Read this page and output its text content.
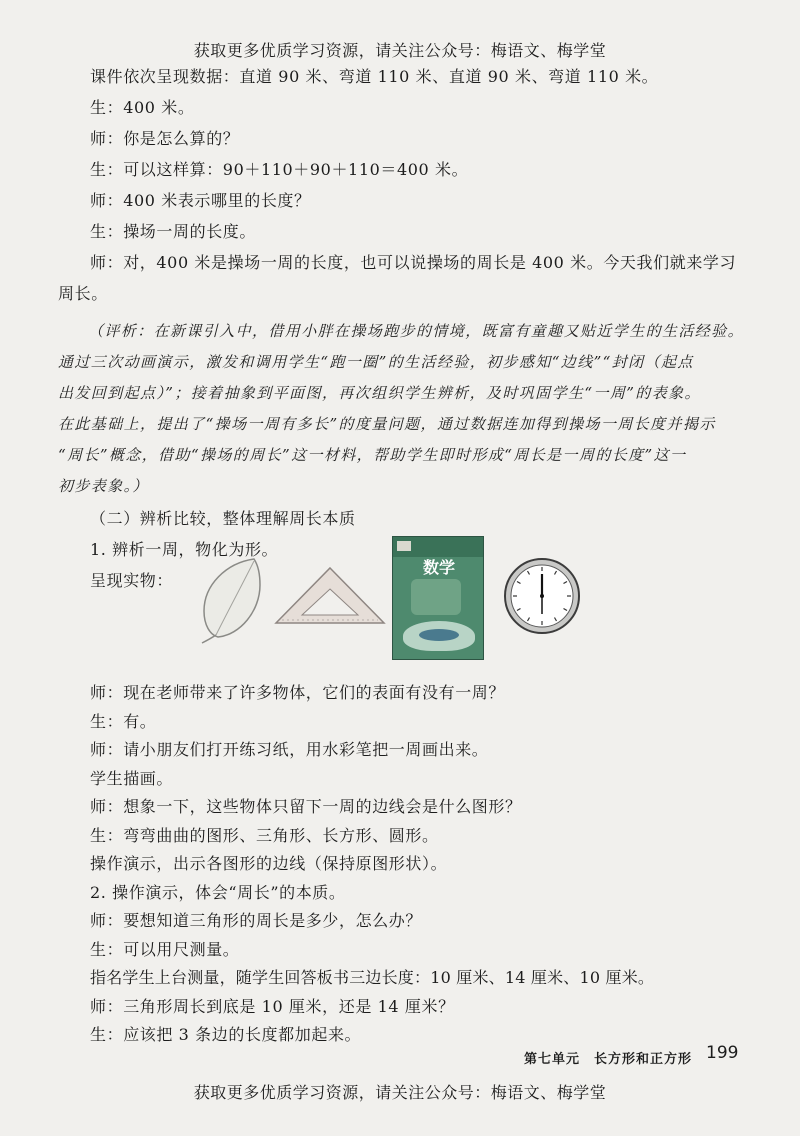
获取更多优质学习资源，请关注公众号：梅语文、梅学堂
课件依次呈现数据：直道 90 米、弯道 110 米、直道 90 米、弯道 110 米。
生：400 米。
师：你是怎么算的？
生：可以这样算：90＋110＋90＋110＝400 米。
师：400 米表示哪里的长度？
生：操场一周的长度。
师：对，400 米是操场一周的长度，也可以说操场的周长是 400 米。今天我们就来学习
周长。
（评析：在新课引入中，借用小胖在操场跑步的情境，既富有童趣又贴近学生的生活经验。
通过三次动画演示，激发和调用学生“跑一圈”的生活经验，初步感知“边线”“封闭（起点
出发回到起点）”；接着抽象到平面图，再次组织学生辨析，及时巩固学生“一周”的表象。
在此基础上，提出了“操场一周有多长”的度量问题，通过数据连加得到操场一周长度并揭示
“周长”概念，借助“操场的周长”这一材料，帮助学生即时形成“周长是一周的长度”这一
初步表象。）
（二）辨析比较，整体理解周长本质
1. 辨析一周，物化为形。
呈现实物：
数学
师：现在老师带来了许多物体，它们的表面有没有一周？
生：有。
师：请小朋友们打开练习纸，用水彩笔把一周画出来。
学生描画。
师：想象一下，这些物体只留下一周的边线会是什么图形？
生：弯弯曲曲的图形、三角形、长方形、圆形。
操作演示，出示各图形的边线（保持原图形状）。
2. 操作演示，体会“周长”的本质。
师：要想知道三角形的周长是多少，怎么办？
生：可以用尺测量。
指名学生上台测量，随学生回答板书三边长度：10 厘米、14 厘米、10 厘米。
师：三角形周长到底是 10 厘米，还是 14 厘米？
第七单元　长方形和正方形 199
获取更多优质学习资源，请关注公众号：梅语文、梅学堂
生：应该把 3 条边的长度都加起来。
